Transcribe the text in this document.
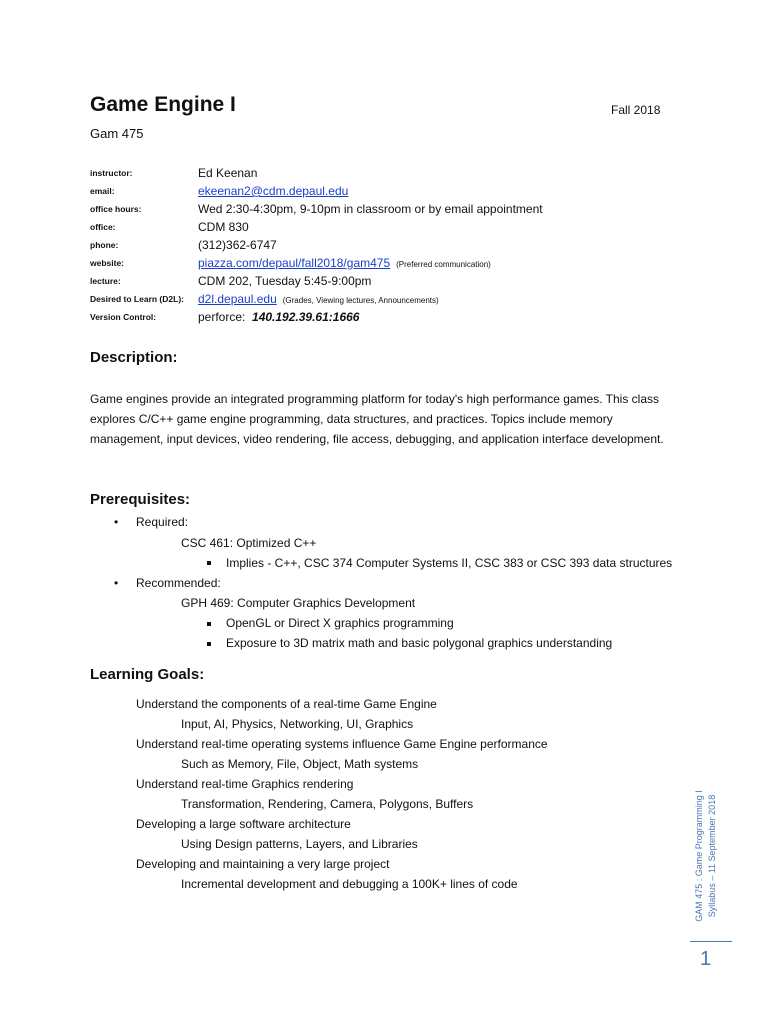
Game Engine I	Fall 2018
Gam 475
instructor:	Ed Keenan
email:	ekeenan2@cdm.depaul.edu
office hours:	Wed 2:30-4:30pm, 9-10pm in classroom or by email appointment
office:	CDM 830
phone:	(312)362-6747
website:	piazza.com/depaul/fall2018/gam475 (Preferred communication)
lecture:	CDM 202, Tuesday 5:45-9:00pm
Desired to Learn (D2L):	d2l.depaul.edu (Grades, Viewing lectures, Announcements)
Version Control:	perforce: 140.192.39.61:1666
Description:
Game engines provide an integrated programming platform for today's high performance games. This class explores C/C++ game engine programming, data structures, and practices. Topics include memory management, input devices, video rendering, file access, debugging, and application interface development.
Prerequisites:
• Required:
CSC 461: Optimized C++
Implies - C++, CSC 374 Computer Systems II, CSC 383 or CSC 393 data structures
• Recommended:
GPH 469: Computer Graphics Development
OpenGL or Direct X graphics programming
Exposure to 3D matrix math and basic polygonal graphics understanding
Learning Goals:
Understand the components of a real-time Game Engine
Input, AI, Physics, Networking, UI, Graphics
Understand real-time operating systems influence Game Engine performance
Such as Memory, File, Object, Math systems
Understand real-time Graphics rendering
Transformation, Rendering, Camera, Polygons, Buffers
Developing a large software architecture
Using Design patterns, Layers, and Libraries
Developing and maintaining a very large project
Incremental development and debugging a 100K+ lines of code	GAM 475 : Game Programming I Syllabus – 11 September 2018
1
